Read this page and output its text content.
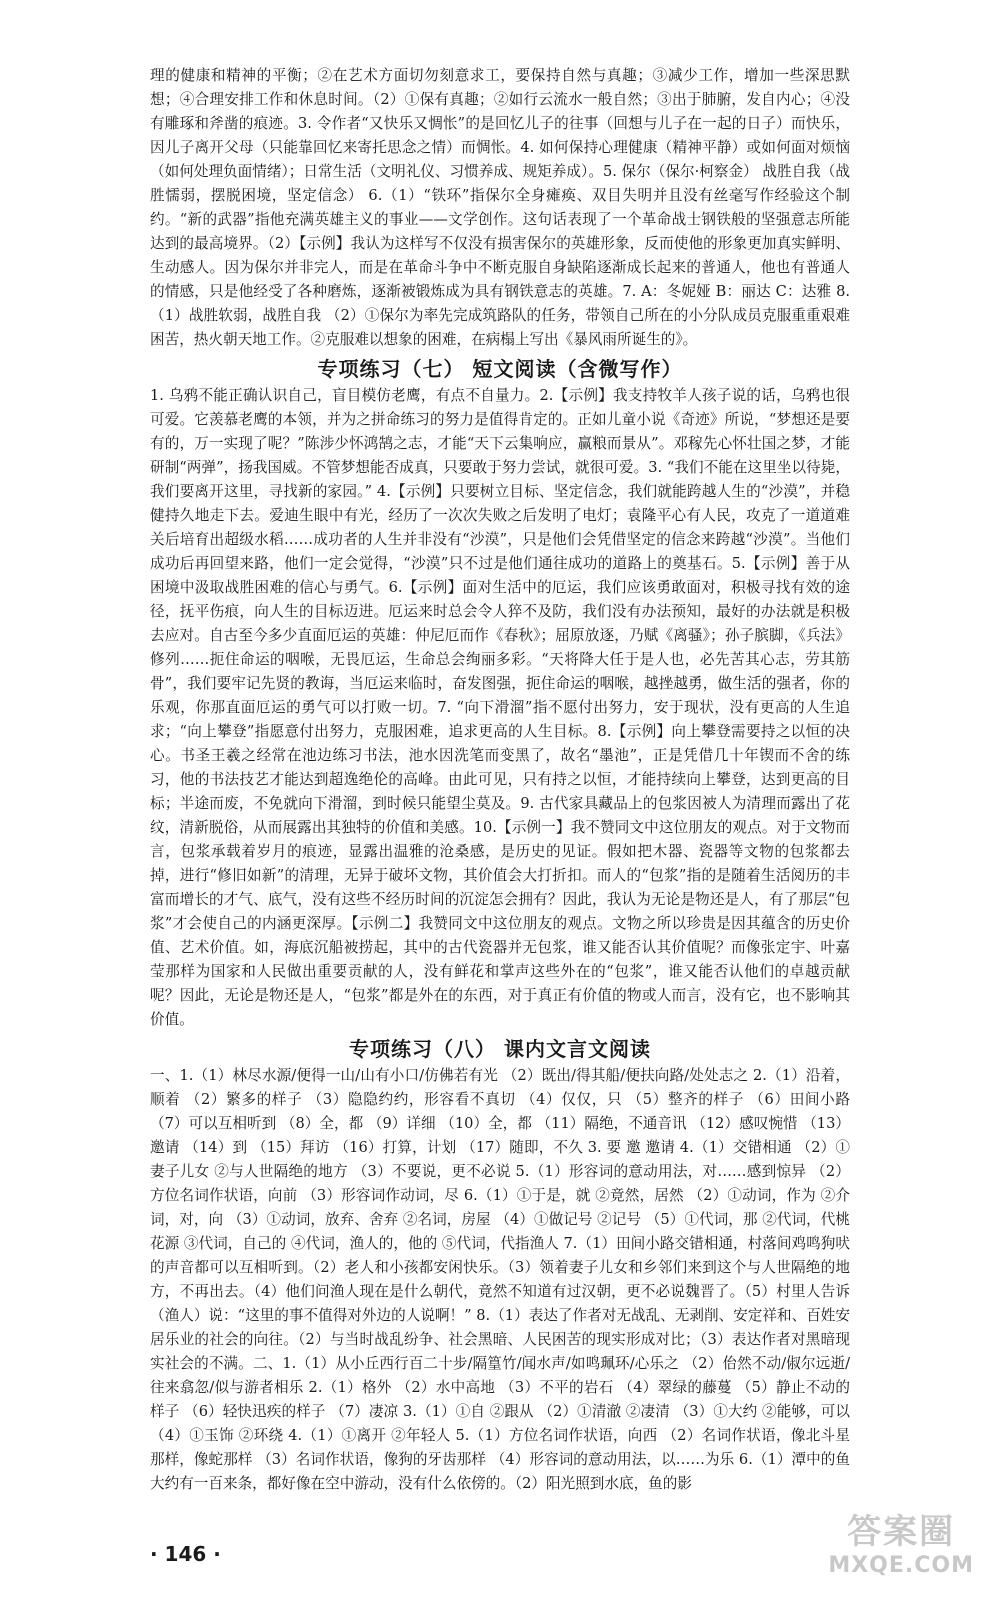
理的健康和精神的平衡；②在艺术方面切勿刻意求工，要保持自然与真趣；③减少工作，增加一些深思默想；④合理安排工作和休息时间。（2）①保有真趣；②如行云流水一般自然；③出于肺腑，发自内心；④没有雕琢和斧凿的痕迹。3. 令作者“又快乐又惆怅”的是回忆儿子的往事（回想与儿子在一起的日子）而快乐，因儿子离开父母（只能靠回忆来寄托思念之情）而惆怅。4. 如何保持心理健康（精神平静）或如何面对烦恼（如何处理负面情绪）；日常生活（文明礼仪、习惯养成、规矩养成）。5. 保尔（保尔·柯察金） 战胜自我（战胜懦弱，摆脱困境，坚定信念） 6.（1）“铁环”指保尔全身瘫痪、双目失明并且没有丝毫写作经验这个制约。“新的武器”指他充满英雄主义的事业——文学创作。这句话表现了一个革命战士钢铁般的坚强意志所能达到的最高境界。（2）【示例】我认为这样写不仅没有损害保尔的英雄形象，反而使他的形象更加真实鲜明、生动感人。因为保尔并非完人，而是在革命斗争中不断克服自身缺陷逐渐成长起来的普通人，他也有普通人的情感，只是他经受了各种磨炼，逐渐被锻炼成为具有钢铁意志的英雄。7. A：冬妮娅 B：丽达 C：达雅 8.（1）战胜软弱，战胜自我 （2）①保尔为率先完成筑路队的任务，带领自己所在的小分队成员克服重重艰难困苦，热火朝天地工作。②克服难以想象的困难，在病榻上写出《暴风雨所诞生的》。

专项练习（七） 短文阅读（含微写作）

1. 乌鸦不能正确认识自己，盲目模仿老鹰，有点不自量力。2.【示例】我支持牧羊人孩子说的话，乌鸦也很可爱。它羡慕老鹰的本领，并为之拼命练习的努力是值得肯定的。正如儿童小说《奇迹》所说，“梦想还是要有的，万一实现了呢？”陈涉少怀鸿鹄之志，才能“天下云集响应，赢粮而景从”。邓稼先心怀壮国之梦，才能研制“两弹”，扬我国威。不管梦想能否成真，只要敢于努力尝试，就很可爱。3. “我们不能在这里坐以待毙，我们要离开这里，寻找新的家园。” 4.【示例】只要树立目标、坚定信念，我们就能跨越人生的“沙漠”，并稳健持久地走下去。爱迪生眼中有光，经历了一次次失败之后发明了电灯；袁隆平心有人民，攻克了一道道难关后培育出超级水稻……成功者的人生并非没有“沙漠”，只是他们会凭借坚定的信念来跨越“沙漠”。当他们成功后再回望来路，他们一定会觉得，“沙漠”只不过是他们通往成功的道路上的奠基石。5.【示例】善于从困境中汲取战胜困难的信心与勇气。6.【示例】面对生活中的厄运，我们应该勇敢面对，积极寻找有效的途径，抚平伤痕，向人生的目标迈进。厄运来时总会令人猝不及防，我们没有办法预知，最好的办法就是积极去应对。自古至今多少直面厄运的英雄：仲尼厄而作《春秋》；屈原放逐，乃赋《离骚》；孙子膑脚，《兵法》修列……扼住命运的咽喉，无畏厄运，生命总会绚丽多彩。“天将降大任于是人也，必先苦其心志，劳其筋骨”，我们要牢记先贤的教诲，当厄运来临时，奋发图强，扼住命运的咽喉，越挫越勇，做生活的强者，你的乐观，你那直面厄运的勇气可以打败一切。7. “向下滑溜”指不愿付出努力，安于现状，没有更高的人生追求；“向上攀登”指愿意付出努力，克服困难，追求更高的人生目标。8.【示例】向上攀登需要持之以恒的决心。书圣王羲之经常在池边练习书法，池水因洗笔而变黑了，故名“墨池”，正是凭借几十年锲而不舍的练习，他的书法技艺才能达到超逸绝伦的高峰。由此可见，只有持之以恒，才能持续向上攀登，达到更高的目标；半途而废，不免就向下滑溜，到时候只能望尘莫及。9. 古代家具藏品上的包浆因被人为清理而露出了花纹，清新脱俗，从而展露出其独特的价值和美感。10.【示例一】我不赞同文中这位朋友的观点。对于文物而言，包浆承载着岁月的痕迹，显露出温雅的沧桑感，是历史的见证。假如把木器、瓷器等文物的包浆都去掉，进行“修旧如新”的清理，无异于破坏文物，其价值会大打折扣。而人的“包浆”指的是随着生活阅历的丰富而增长的才气、底气，没有这些不经历时间的沉淀怎会拥有？因此，我认为无论是物还是人，有了那层“包浆”才会使自己的内涵更深厚。【示例二】我赞同文中这位朋友的观点。文物之所以珍贵是因其蕴含的历史价值、艺术价值。如，海底沉船被捞起，其中的古代瓷器并无包浆，谁又能否认其价值呢？而像张定宇、叶嘉莹那样为国家和人民做出重要贡献的人，没有鲜花和掌声这些外在的“包浆”，谁又能否认他们的卓越贡献呢？因此，无论是物还是人，“包浆”都是外在的东西，对于真正有价值的物或人而言，没有它，也不影响其价值。

专项练习（八） 课内文言文阅读

一、1.（1）林尽水源/便得一山/山有小口/仿佛若有光 （2）既出/得其船/便扶向路/处处志之 2.（1）沿着，顺着 （2）繁多的样子 （3）隐隐约约，形容看不真切 （4）仅仅，只 （5）整齐的样子 （6）田间小路 （7）可以互相听到 （8）全，都 （9）详细 （10）全，都 （11）隔绝，不通音讯 （12）感叹惋惜 （13）邀请 （14）到 （15）拜访 （16）打算，计划 （17）随即，不久 3. 要 邀 邀请 4.（1）交错相通 （2）①妻子儿女 ②与人世隔绝的地方 （3）不要说，更不必说 5.（1）形容词的意动用法，对……感到惊异 （2）方位名词作状语，向前 （3）形容词作动词，尽 6.（1）①于是，就 ②竟然，居然 （2）①动词，作为 ②介词，对，向 （3）①动词，放弃、舍弃 ②名词，房屋 （4）①做记号 ②记号 （5）①代词，那 ②代词，代桃花源 ③代词，自己的 ④代词，渔人的，他的 ⑤代词，代指渔人 7.（1）田间小路交错相通，村落间鸡鸣狗吠的声音都可以互相听到。（2）老人和小孩都安闲快乐。（3）领着妻子儿女和乡邻们来到这个与人世隔绝的地方，不再出去。（4）他们问渔人现在是什么朝代，竟然不知道有过汉朝，更不必说魏晋了。（5）村里人告诉（渔人）说：“这里的事不值得对外边的人说啊！” 8.（1）表达了作者对无战乱、无剥削、安定祥和、百姓安居乐业的社会的向往。（2）与当时战乱纷争、社会黑暗、人民困苦的现实形成对比；（3）表达作者对黑暗现实社会的不满。二、1.（1）从小丘西行百二十步/隔篁竹/闻水声/如鸣珮环/心乐之 （2）佁然不动/俶尔远逝/往来翕忽/似与游者相乐 2.（1）格外 （2）水中高地 （3）不平的岩石 （4）翠绿的藤蔓 （5）静止不动的样子 （6）轻快迅疾的样子 （7）凄凉 3.（1）①自 ②跟从 （2）①清澈 ②凄清 （3）①大约 ②能够，可以 （4）①玉饰 ②环绕 4.（1）①离开 ②年轻人 5.（1）方位名词作状语，向西 （2）名词作状语，像北斗星那样，像蛇那样 （3）名词作状语，像狗的牙齿那样 （4）形容词的意动用法，以……为乐 6.（1）潭中的鱼大约有一百来条，都好像在空中游动，没有什么依傍的。（2）阳光照到水底，鱼的影

· 146 ·
答案圈
MXQE.COM
